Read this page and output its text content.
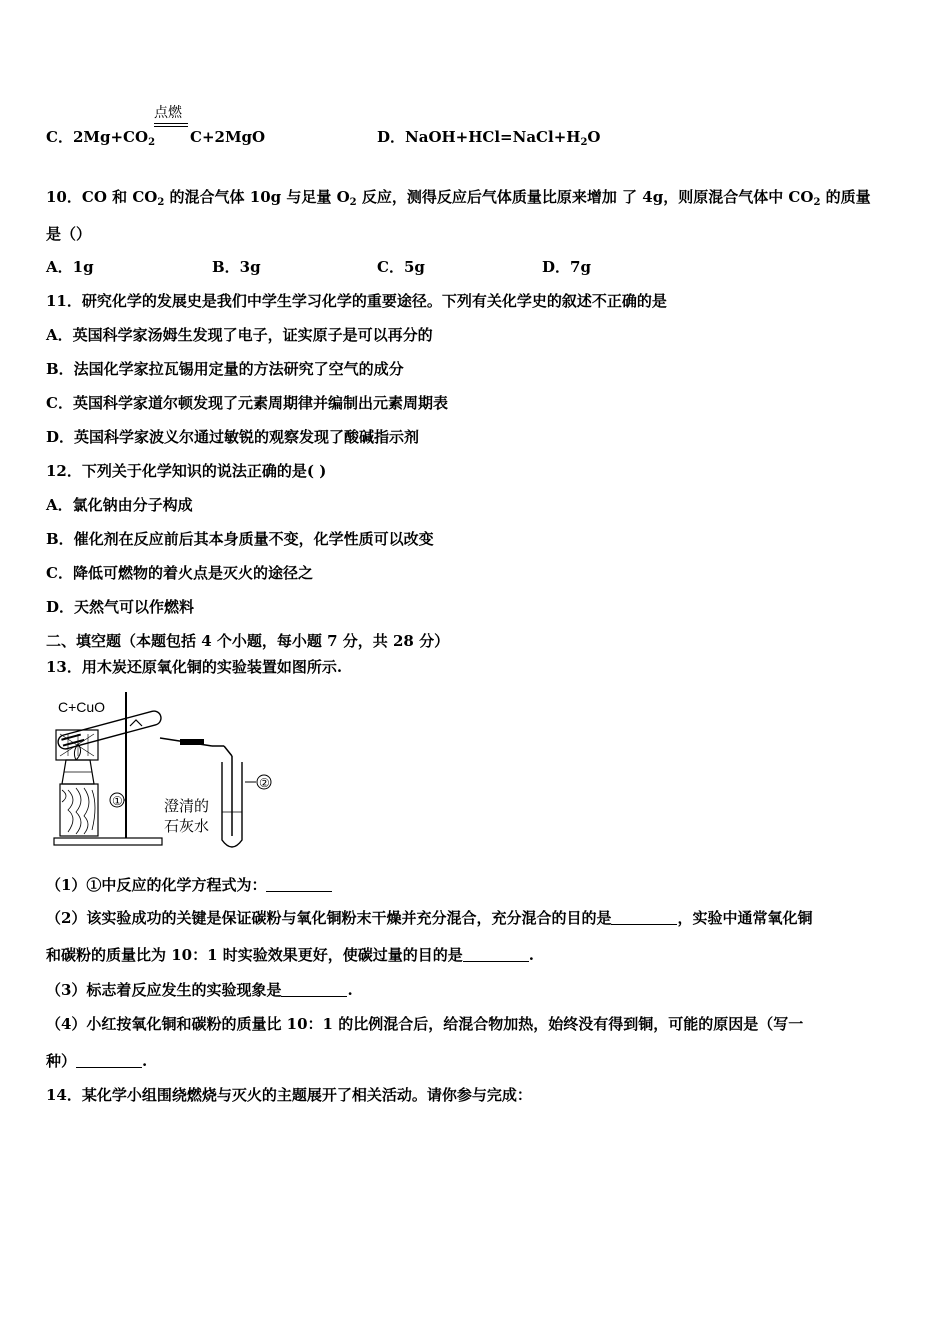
点燃
C．$2Mg+CO_2$ C+2MgO	D．$NaOH+HCl=NaCl+H_2O$
10．CO 和 $CO_2$ 的混合气体 10g 与足量 $O_2$ 反应，测得反应后气体质量比原来增加 了 4g，则原混合气体中 $CO_2$ 的质量
是（）
A．1g	B．3g	C．5g	D．7g
11．研究化学的发展史是我们中学生学习化学的重要途径。下列有关化学史的叙述不正确的是
A．英国科学家汤姆生发现了电子，证实原子是可以再分的
B．法国化学家拉瓦锡用定量的方法研究了空气的成分
C．英国科学家道尔顿发现了元素周期律并编制出元素周期表
D．英国科学家波义尔通过敏锐的观察发现了酸碱指示剂
12．下列关于化学知识的说法正确的是( )
A．氯化钠由分子构成
B．催化剂在反应前后其本身质量不变，化学性质可以改变
C．降低可燃物的着火点是灭火的途径之
D．天然气可以作燃料
二、填空题（本题包括 4 个小题，每小题 7 分，共 28 分）
13．用木炭还原氧化铜的实验装置如图所示.
C+CuO
①
②
澄清的
石灰水
（1）①中反应的化学方程式为：
（2）该实验成功的关键是保证碳粉与氧化铜粉末干燥并充分混合，充分混合的目的是	，实验中通常氧化铜
和碳粉的质量比为 10：1 时实验效果更好，使碳过量的目的是	.
（3）标志着反应发生的实验现象是	.
（4）小红按氧化铜和碳粉的质量比 10：1 的比例混合后，给混合物加热，始终没有得到铜，可能的原因是（写一
种）	.
14．某化学小组围绕燃烧与灭火的主题展开了相关活动。请你参与完成：
